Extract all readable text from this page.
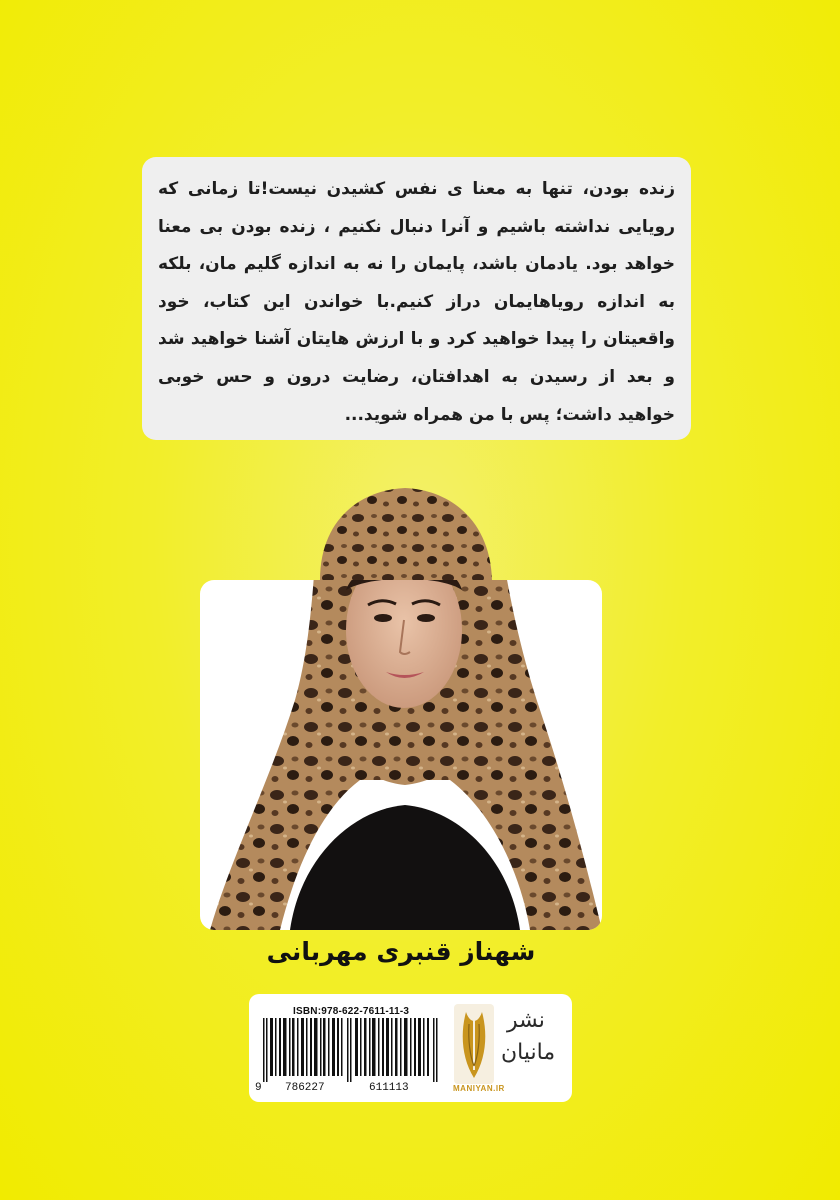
زنده بودن، تنها به معنا ی نفس کشیدن نیست!تا زمانی که رویایی نداشته باشیم و آنرا دنبال نکنیم ، زنده بودن بی معنا خواهد بود. یادمان باشد، پایمان را نه به اندازه گلیم مان، بلکه به اندازه رویاهایمان دراز کنیم.با خواندن این کتاب، خود واقعیتان را پیدا خواهید کرد و با ارزش هایتان آشنا خواهید شد و بعد از رسیدن به اهدافتان، رضایت درون و حس خوبی خواهید داشت؛ پس با من همراه شوید...

شهناز قنبری مهربانی
ISBN:978-622-7611-11-3
9 786227	611113
نشر
مانیان
MANIYAN.IR
